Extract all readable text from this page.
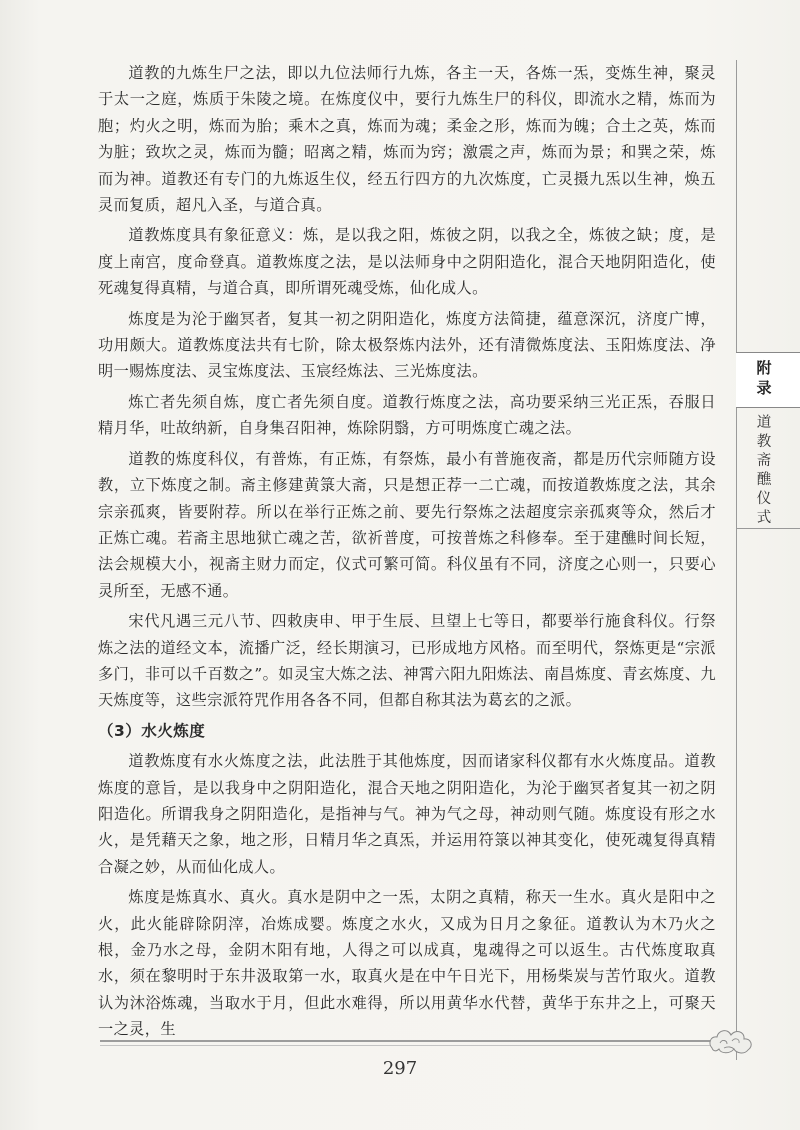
道教的九炼生尸之法，即以九位法师行九炼，各主一天，各炼一炁，变炼生神，聚灵于太一之庭，炼质于朱陵之境。在炼度仪中，要行九炼生尸的科仪，即流水之精，炼而为胞；灼火之明，炼而为胎；乘木之真，炼而为魂；柔金之形，炼而为魄；合土之英，炼而为脏；致坎之灵，炼而为髓；昭离之精，炼而为窍；激震之声，炼而为景；和巽之荣，炼而为神。道教还有专门的九炼返生仪，经五行四方的九次炼度，亡灵摄九炁以生神，焕五灵而复质，超凡入圣，与道合真。

道教炼度具有象征意义：炼，是以我之阳，炼彼之阴，以我之全，炼彼之缺；度，是度上南宫，度命登真。道教炼度之法，是以法师身中之阴阳造化，混合天地阴阳造化，使死魂复得真精，与道合真，即所谓死魂受炼，仙化成人。

炼度是为沦于幽冥者，复其一初之阴阳造化，炼度方法简捷，蕴意深沉，济度广博，功用颇大。道教炼度法共有七阶，除太极祭炼内法外，还有清微炼度法、玉阳炼度法、净明一赐炼度法、灵宝炼度法、玉宸经炼法、三光炼度法。

炼亡者先须自炼，度亡者先须自度。道教行炼度之法，高功要采纳三光正炁，吞服日精月华，吐故纳新，自身集召阳神，炼除阴翳，方可明炼度亡魂之法。

道教的炼度科仪，有普炼，有正炼，有祭炼，最小有普施夜斋，都是历代宗师随方设教，立下炼度之制。斋主修建黄箓大斋，只是想正荐一二亡魂，而按道教炼度之法，其余宗亲孤爽，皆要附荐。所以在举行正炼之前、要先行祭炼之法超度宗亲孤爽等众，然后才正炼亡魂。若斋主思地狱亡魂之苦，欲祈普度，可按普炼之科修奉。至于建醮时间长短，法会规模大小，视斋主财力而定，仪式可繁可简。科仪虽有不同，济度之心则一，只要心灵所至，无感不通。

宋代凡遇三元八节、四敕庚申、甲于生辰、旦望上七等日，都要举行施食科仪。行祭炼之法的道经文本，流播广泛，经长期演习，已形成地方风格。而至明代，祭炼更是“宗派多门，非可以千百数之”。如灵宝大炼之法、神霄六阳九阳炼法、南昌炼度、青玄炼度、九天炼度等，这些宗派符咒作用各各不同，但都自称其法为葛玄的之派。

（3）水火炼度

道教炼度有水火炼度之法，此法胜于其他炼度，因而诸家科仪都有水火炼度品。道教炼度的意旨，是以我身中之阴阳造化，混合天地之阴阳造化，为沦于幽冥者复其一初之阴阳造化。所谓我身之阴阳造化，是指神与气。神为气之母，神动则气随。炼度设有形之水火，是凭藉天之象，地之形，日精月华之真炁，并运用符箓以神其变化，使死魂复得真精合凝之妙，从而仙化成人。

炼度是炼真水、真火。真水是阴中之一炁，太阴之真精，称天一生水。真火是阳中之火，此火能辟除阴滓，冶炼成婴。炼度之水火，又成为日月之象征。道教认为木乃火之根，金乃水之母，金阴木阳有地，人得之可以成真，鬼魂得之可以返生。古代炼度取真水，须在黎明时于东井汲取第一水，取真火是在中午日光下，用杨柴炭与苦竹取火。道教认为沐浴炼魂，当取水于月，但此水难得，所以用黄华水代替，黄华于东井之上，可聚天一之灵，生

附录
道教斋醮仪式
297
